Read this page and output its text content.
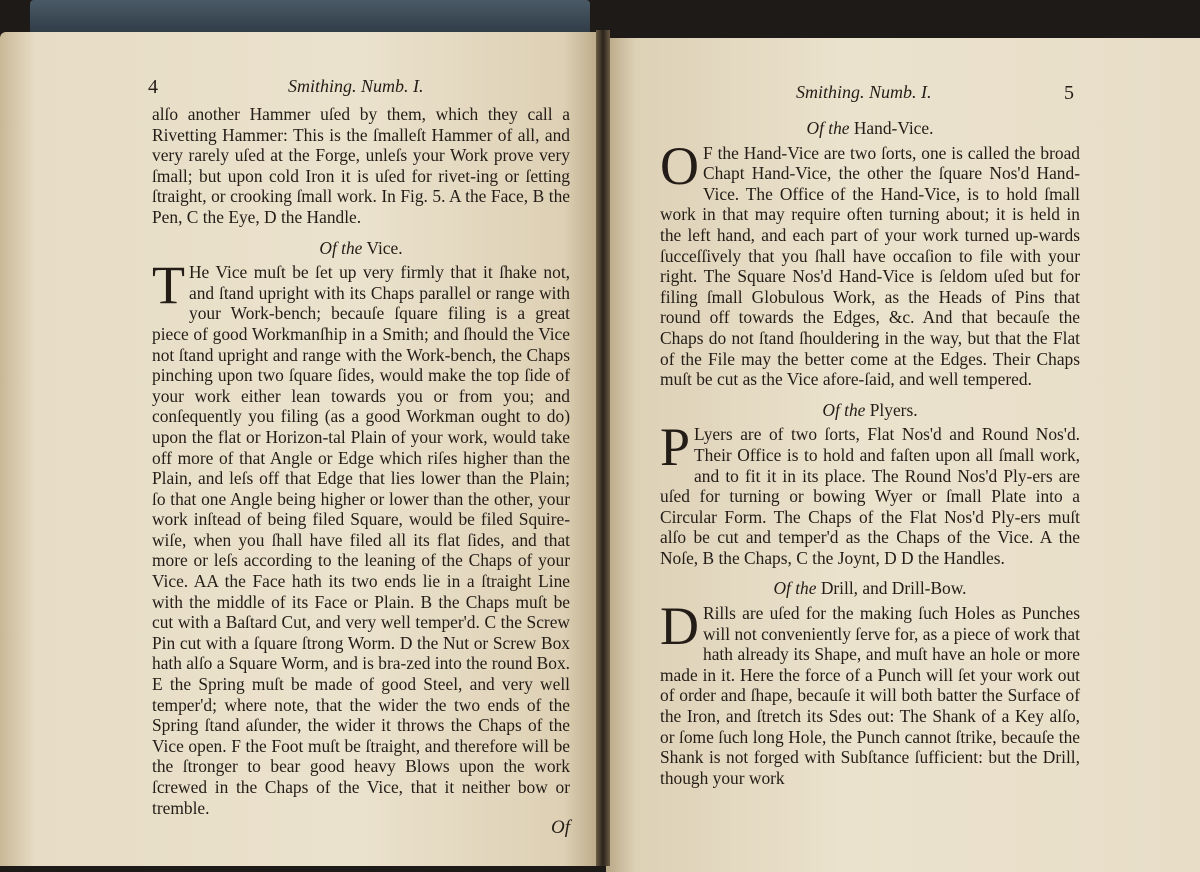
4	Smithing. Numb. I.

alſo another Hammer uſed by them, which they call a Rivetting Hammer: This is the ſmalleſt Hammer of all, and very rarely uſed at the Forge, unleſs your Work prove very ſmall; but upon cold Iron it is uſed for rivet-ing or ſetting ſtraight, or crooking ſmall work. In Fig. 5. A the Face, B the Pen, C the Eye, D the Handle.

Of the Vice.

T He Vice muſt be ſet up very firmly that it ſhake not, and ſtand upright with its Chaps parallel or range with your Work-bench; becauſe ſquare filing is a great piece of good Workmanſhip in a Smith; and ſhould the Vice not ſtand upright and range with the Work-bench, the Chaps pinching upon two ſquare ſides, would make the top ſide of your work either lean towards you or from you; and conſequently you filing (as a good Workman ought to do) upon the flat or Horizon-tal Plain of your work, would take off more of that Angle or Edge which riſes higher than the Plain, and leſs off that Edge that lies lower than the Plain; ſo that one Angle being higher or lower than the other, your work inſtead of being filed Square, would be filed Squire-wiſe, when you ſhall have filed all its flat ſides, and that more or leſs according to the leaning of the Chaps of your Vice. AA the Face hath its two ends lie in a ſtraight Line with the middle of its Face or Plain. B the Chaps muſt be cut with a Baſtard Cut, and very well temper'd. C the Screw Pin cut with a ſquare ſtrong Worm. D the Nut or Screw Box hath alſo a Square Worm, and is bra-zed into the round Box. E the Spring muſt be made of good Steel, and very well temper'd; where note, that the wider the two ends of the Spring ſtand aſunder, the wider it throws the Chaps of the Vice open. F the Foot muſt be ſtraight, and therefore will be the ſtronger to bear good heavy Blows upon the work ſcrewed in the Chaps of the Vice, that it neither bow or tremble.

Of

Smithing. Numb. I.	5

Of the Hand-Vice.

O F the Hand-Vice are two ſorts, one is called the broad Chapt Hand-Vice, the other the ſquare Nos'd Hand-Vice. The Office of the Hand-Vice, is to hold ſmall work in that may require often turning about; it is held in the left hand, and each part of your work turned up-wards ſucceſſively that you ſhall have occaſion to file with your right. The Square Nos'd Hand-Vice is ſeldom uſed but for filing ſmall Globulous Work, as the Heads of Pins that round off towards the Edges, &c. And that becauſe the Chaps do not ſtand ſhouldering in the way, but that the Flat of the File may the better come at the Edges. Their Chaps muſt be cut as the Vice afore-ſaid, and well tempered.

Of the Plyers.

P Lyers are of two ſorts, Flat Nos'd and Round Nos'd. Their Office is to hold and faſten upon all ſmall work, and to fit it in its place. The Round Nos'd Ply-ers are uſed for turning or bowing Wyer or ſmall Plate into a Circular Form. The Chaps of the Flat Nos'd Ply-ers muſt alſo be cut and temper'd as the Chaps of the Vice. A the Noſe, B the Chaps, C the Joynt, D D the Handles.

Of the Drill, and Drill-Bow.

D Rills are uſed for the making ſuch Holes as Punches will not conveniently ſerve for, as a piece of work that hath already its Shape, and muſt have an hole or more made in it. Here the force of a Punch will ſet your work out of order and ſhape, becauſe it will both batter the Surface of the Iron, and ſtretch its Sdes out: The Shank of a Key alſo, or ſome ſuch long Hole, the Punch cannot ſtrike, becauſe the Shank is not forged with Subſtance ſufficient: but the Drill, though your work
